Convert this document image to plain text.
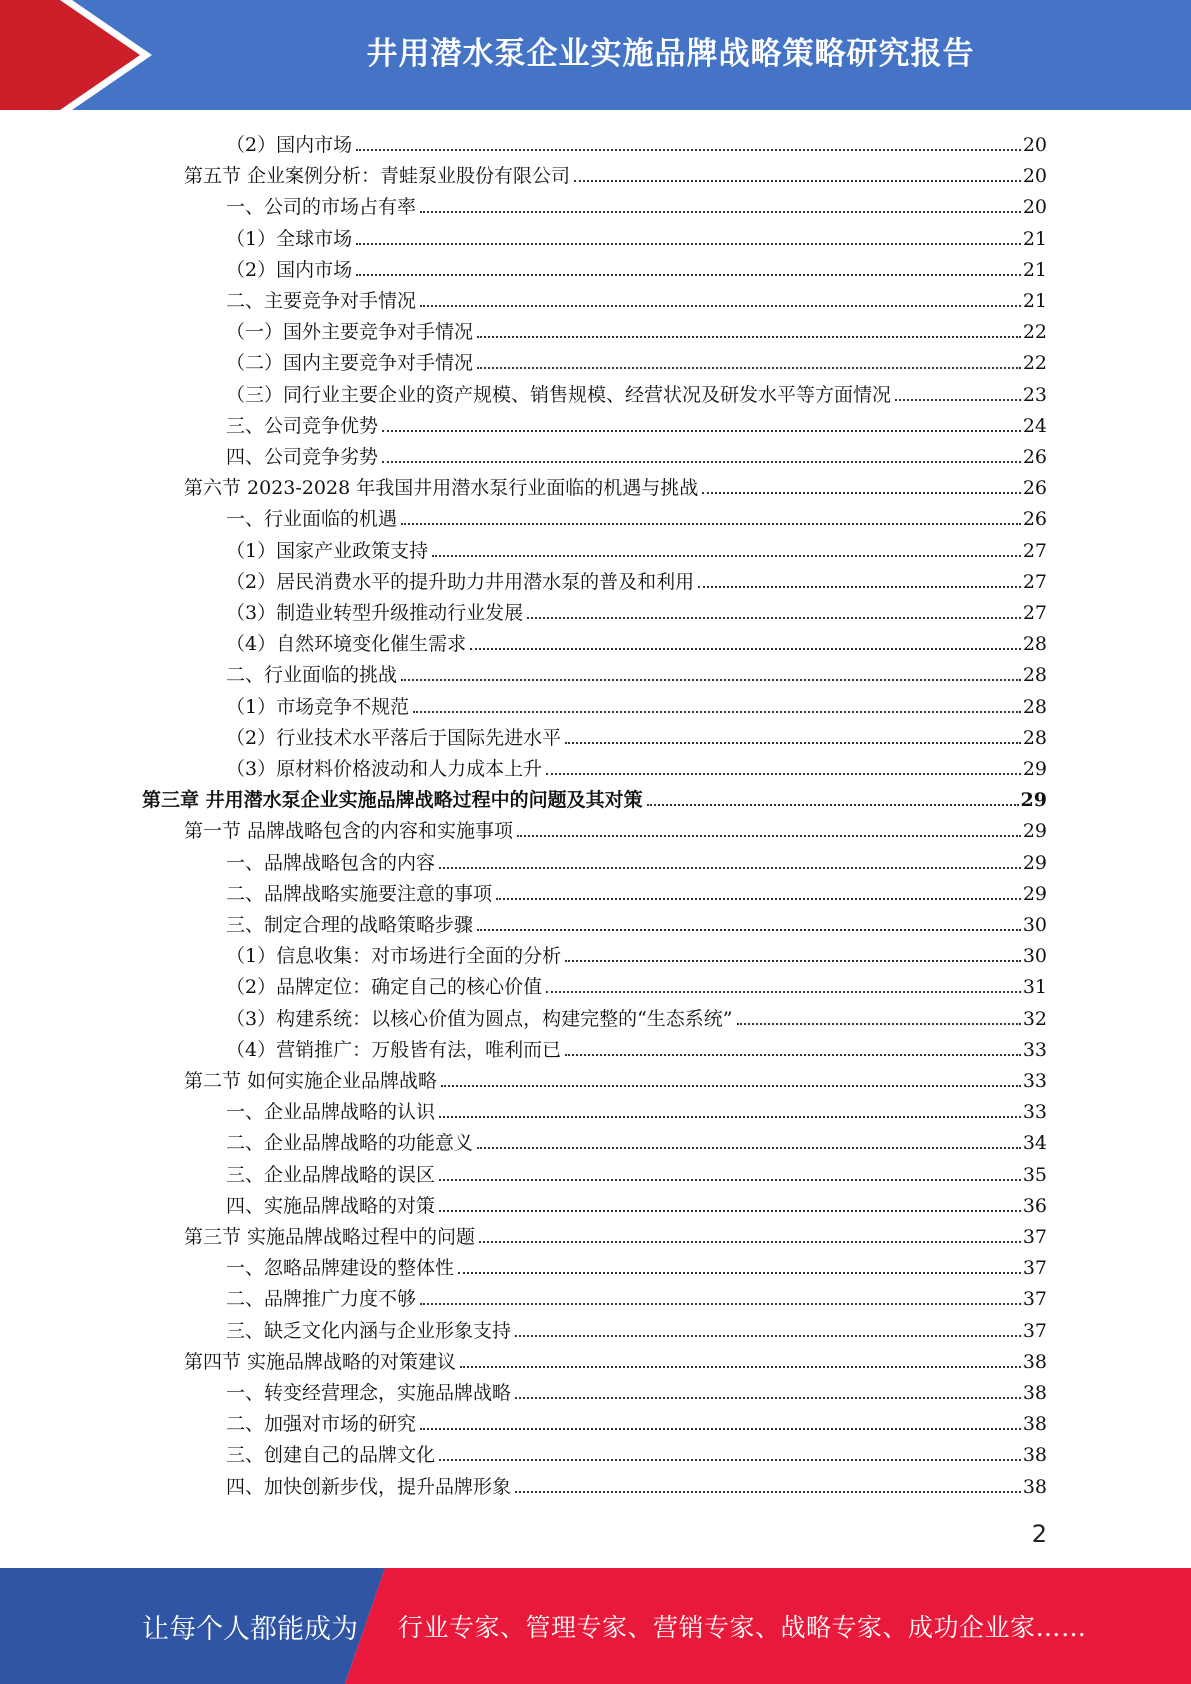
井用潜水泵企业实施品牌战略策略研究报告
（2）国内市场	20
第五节 企业案例分析：青蛙泵业股份有限公司	20
一、公司的市场占有率	20
（1）全球市场	21
（2）国内市场	21
二、主要竞争对手情况	21
（一）国外主要竞争对手情况	22
（二）国内主要竞争对手情况	22
（三）同行业主要企业的资产规模、销售规模、经营状况及研发水平等方面情况	23
三、公司竞争优势	24
四、公司竞争劣势	26
第六节 2023-2028 年我国井用潜水泵行业面临的机遇与挑战	26
一、行业面临的机遇	26
（1）国家产业政策支持	27
（2）居民消费水平的提升助力井用潜水泵的普及和利用	27
（3）制造业转型升级推动行业发展	27
（4）自然环境变化催生需求	28
二、行业面临的挑战	28
（1）市场竞争不规范	28
（2）行业技术水平落后于国际先进水平	28
（3）原材料价格波动和人力成本上升	29
第三章 井用潜水泵企业实施品牌战略过程中的问题及其对策	29
第一节 品牌战略包含的内容和实施事项	29
一、品牌战略包含的内容	29
二、品牌战略实施要注意的事项	29
三、制定合理的战略策略步骤	30
（1）信息收集：对市场进行全面的分析	30
（2）品牌定位：确定自己的核心价值	31
（3）构建系统：以核心价值为圆点，构建完整的“生态系统”	32
（4）营销推广：万般皆有法，唯利而已	33
第二节 如何实施企业品牌战略	33
一、企业品牌战略的认识	33
二、企业品牌战略的功能意义	34
三、企业品牌战略的误区	35
四、实施品牌战略的对策	36
第三节 实施品牌战略过程中的问题	37
一、忽略品牌建设的整体性	37
二、品牌推广力度不够	37
三、缺乏文化内涵与企业形象支持	37
第四节 实施品牌战略的对策建议	38
一、转变经营理念，实施品牌战略	38
二、加强对市场的研究	38
三、创建自己的品牌文化	38
四、加快创新步伐，提升品牌形象	38
2
让每个人都能成为 行业专家、管理专家、营销专家、战略专家、成功企业家……
